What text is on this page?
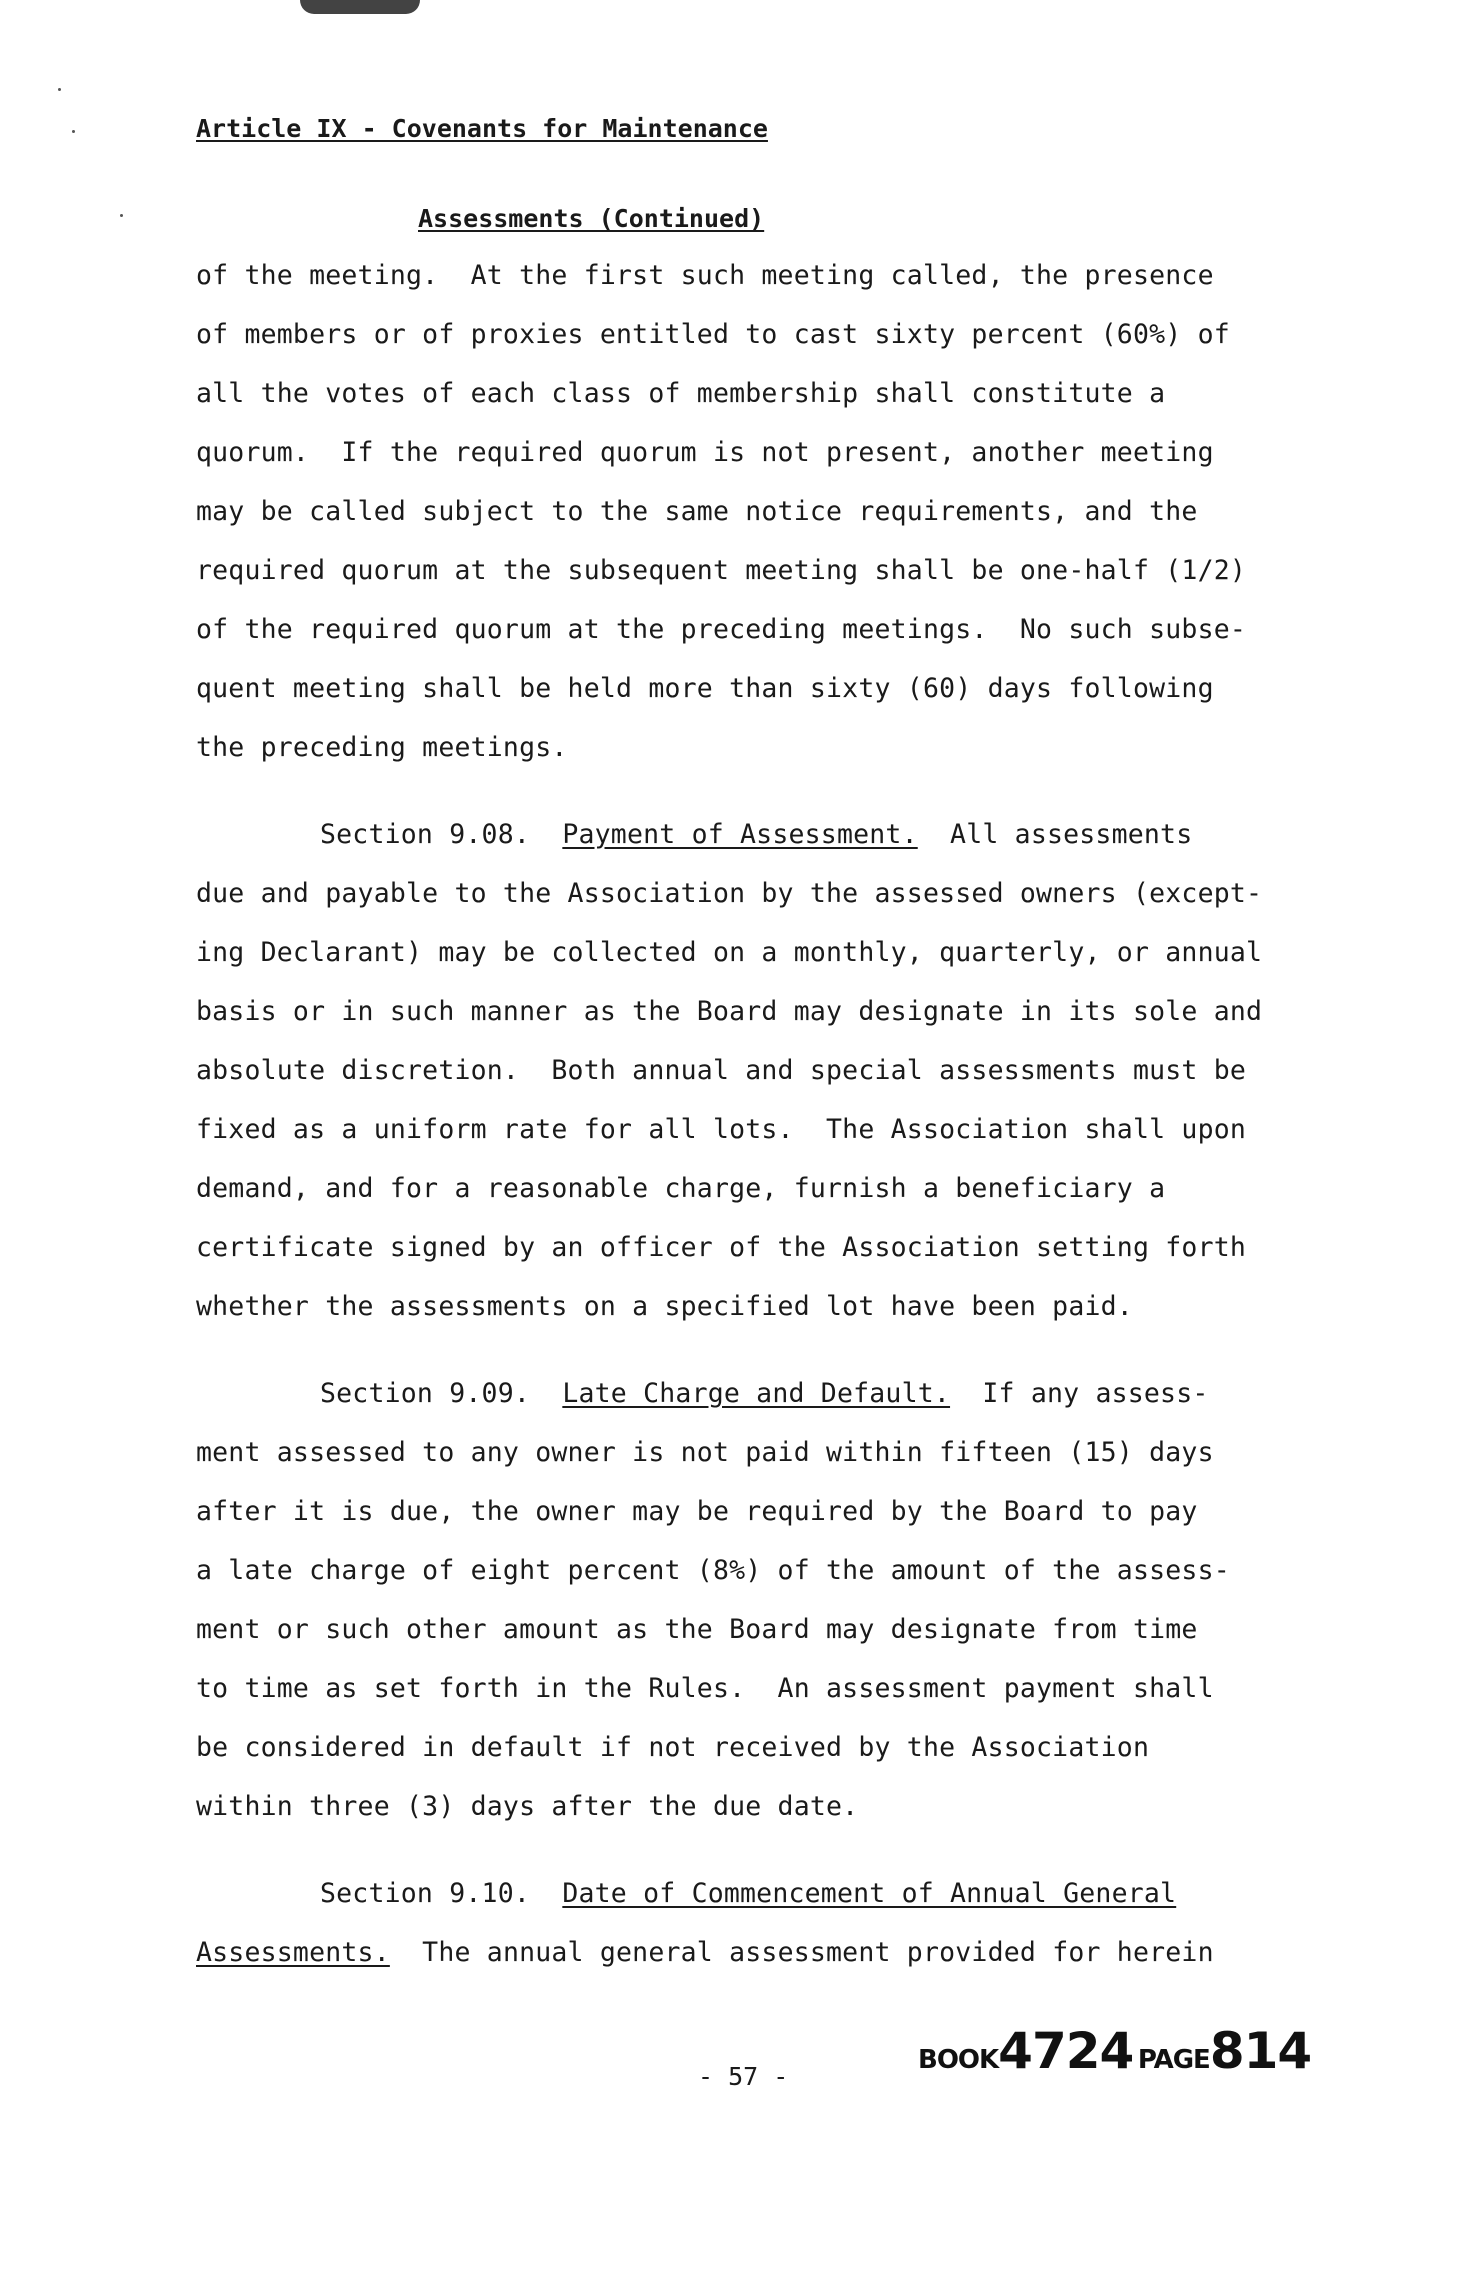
Article IX - Covenants for Maintenance

Assessments (Continued)

of the meeting.  At the first such meeting called, the presence
of members or of proxies entitled to cast sixty percent (60%) of
all the votes of each class of membership shall constitute a
quorum.  If the required quorum is not present, another meeting
may be called subject to the same notice requirements, and the
required quorum at the subsequent meeting shall be one-half (1/2)
of the required quorum at the preceding meetings.  No such subse-
quent meeting shall be held more than sixty (60) days following
the preceding meetings.
Section 9.08. Payment of Assessment. All assessments
due and payable to the Association by the assessed owners (except-
ing Declarant) may be collected on a monthly, quarterly, or annual
basis or in such manner as the Board may designate in its sole and
absolute discretion.  Both annual and special assessments must be
fixed as a uniform rate for all lots.  The Association shall upon
demand, and for a reasonable charge, furnish a beneficiary a
certificate signed by an officer of the Association setting forth
whether the assessments on a specified lot have been paid.
Section 9.09. Late Charge and Default. If any assess-
ment assessed to any owner is not paid within fifteen (15) days
after it is due, the owner may be required by the Board to pay
a late charge of eight percent (8%) of the amount of the assess-
ment or such other amount as the Board may designate from time
to time as set forth in the Rules.  An assessment payment shall
be considered in default if not received by the Association
within three (3) days after the due date.
Section 9.10. Date of Commencement of Annual General
Assessments. The annual general assessment provided for herein
- 57 -
BOOK4724 PAGE814
